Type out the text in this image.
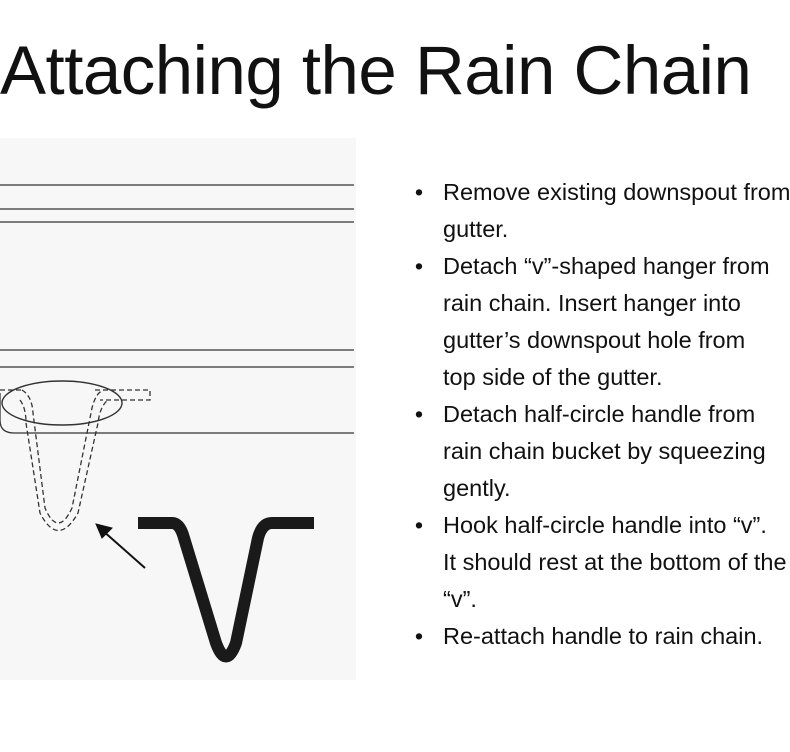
Attaching the Rain Chain
• Remove existing downspout from
gutter.
• Detach “v”-shaped hanger from
rain chain. Insert hanger into
gutter’s downspout hole from
top side of the gutter.
• Detach half-circle handle from
rain chain bucket by squeezing
gently.
• Hook half-circle handle into “v”.
It should rest at the bottom of the
“v”.
• Re-attach handle to rain chain.
